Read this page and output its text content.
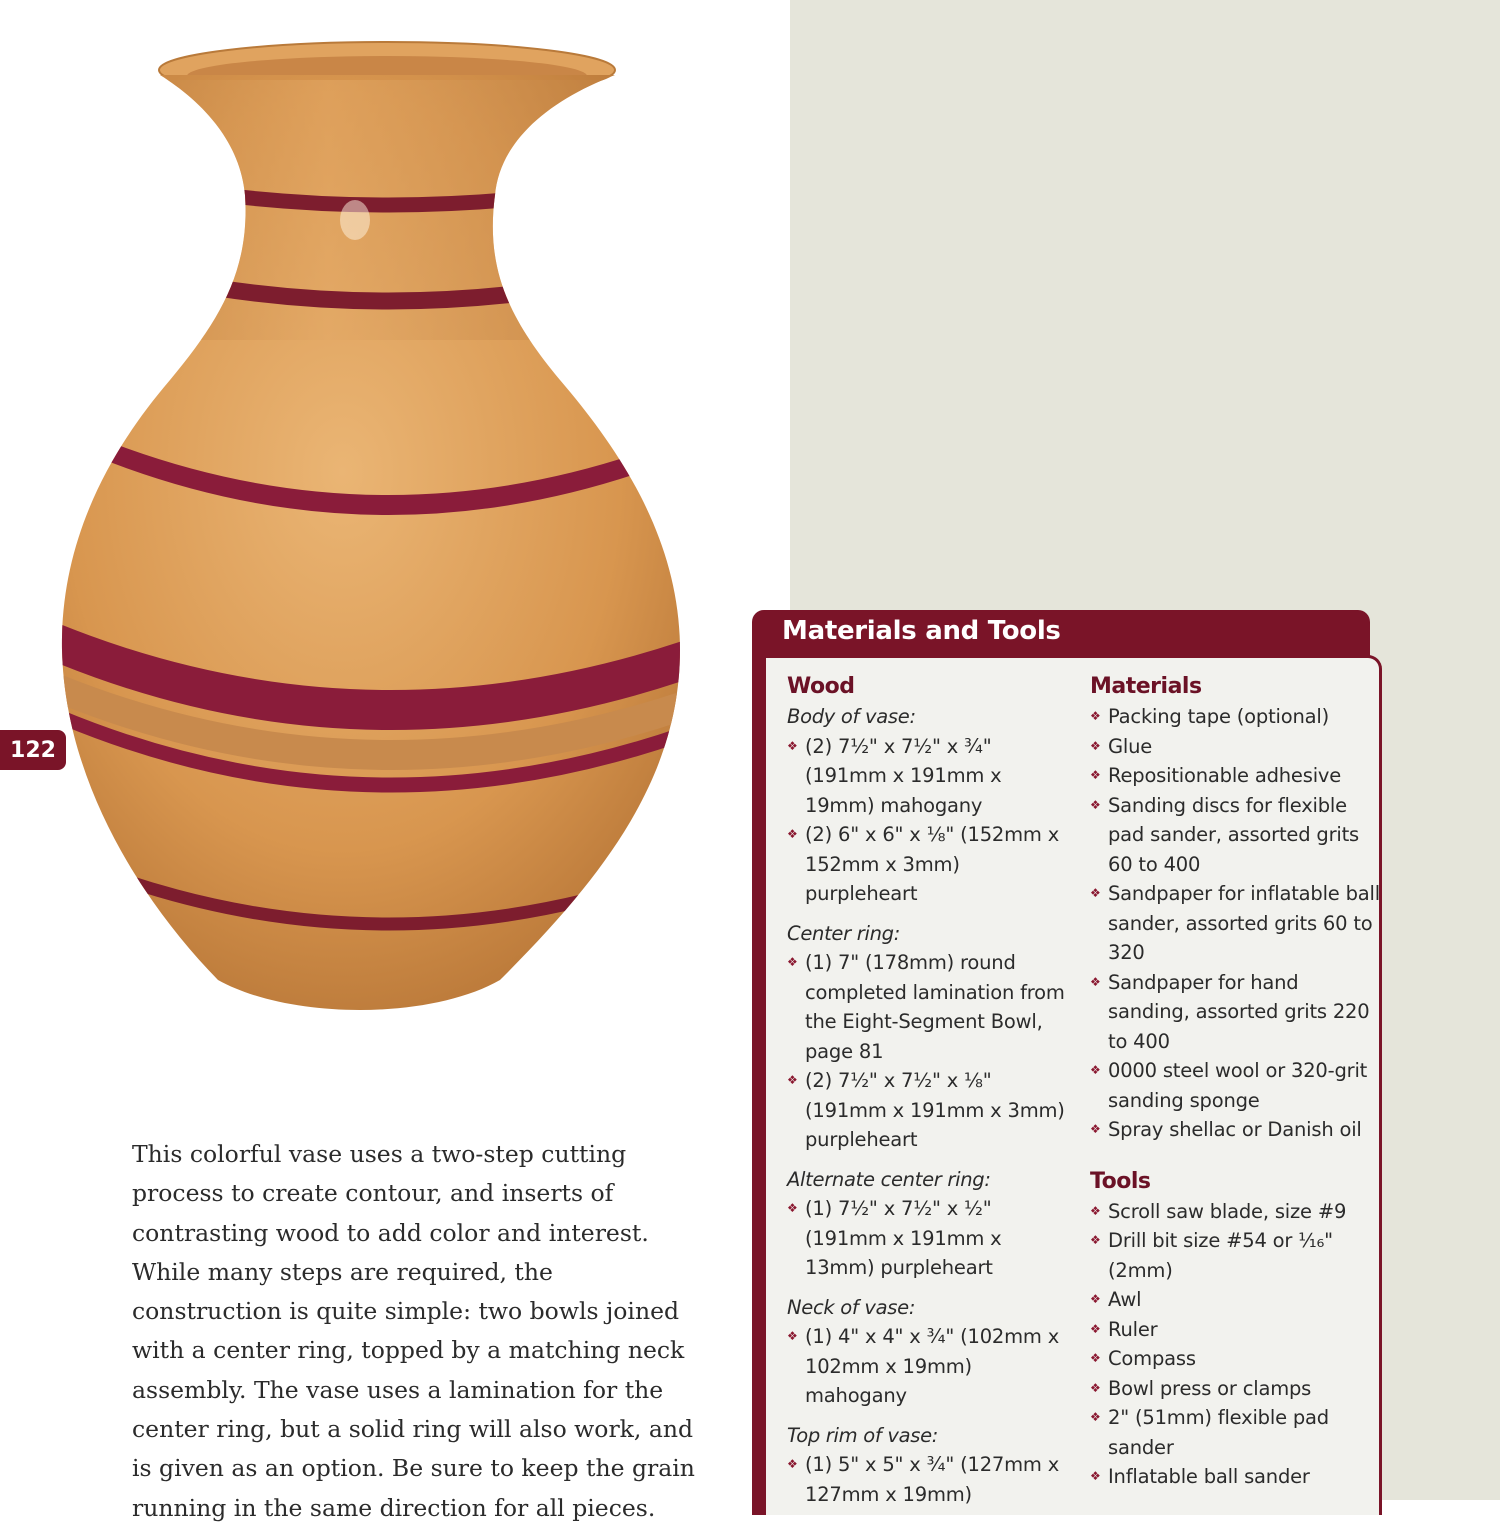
122

This colorful vase uses a two-step cutting process to create contour, and inserts of contrasting wood to add color and interest. While many steps are required, the construction is quite simple: two bowls joined with a center ring, topped by a matching neck assembly. The vase uses a lamination for the center ring, but a solid ring will also work, and is given as an option. Be sure to keep the grain running in the same direction for all pieces.

Materials and Tools
Wood
Body of vase:
❖ (2) 7½" x 7½" x ¾" (191mm x 191mm x 19mm) mahogany
❖ (2) 6" x 6" x ⅛" (152mm x 152mm x 3mm) purpleheart
Center ring:
❖ (1) 7" (178mm) round completed lamination from the Eight-Segment Bowl, page 81
❖ (2) 7½" x 7½" x ⅛" (191mm x 191mm x 3mm) purpleheart
Alternate center ring:
❖ (1) 7½" x 7½" x ½" (191mm x 191mm x 13mm) purpleheart
Neck of vase:
❖ (1) 4" x 4" x ¾" (102mm x 102mm x 19mm) mahogany
Top rim of vase:
❖ (1) 5" x 5" x ¾" (127mm x 127mm x 19mm)
Materials
❖ Packing tape (optional)
❖ Glue
❖ Repositionable adhesive
❖ Sanding discs for flexible pad sander, assorted grits 60 to 400
❖ Sandpaper for inflatable ball sander, assorted grits 60 to 320
❖ Sandpaper for hand sanding, assorted grits 220 to 400
❖ 0000 steel wool or 320-grit sanding sponge
❖ Spray shellac or Danish oil
Tools
❖ Scroll saw blade, size #9
❖ Drill bit size #54 or ¹⁄₁₆" (2mm)
❖ Awl
❖ Ruler
❖ Compass
❖ Bowl press or clamps
❖ 2" (51mm) flexible pad sander
❖ Inflatable ball sander
